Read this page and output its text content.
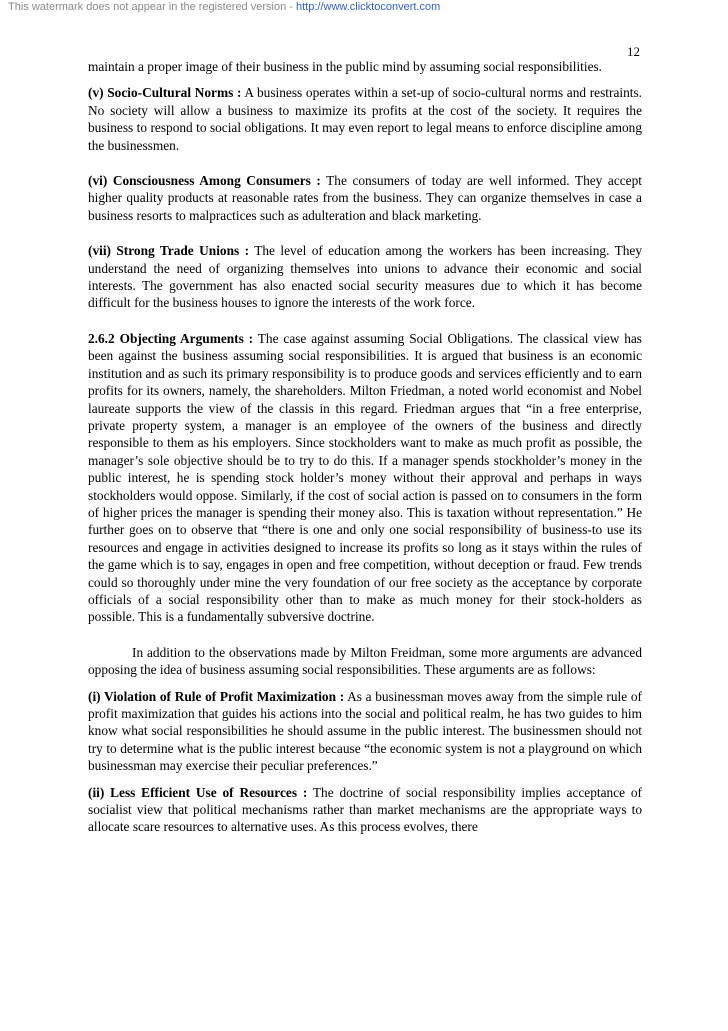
This watermark does not appear in the registered version - http://www.clicktoconvert.com
12

maintain a proper image of their business in the public mind by assuming social responsibilities.

(v) Socio-Cultural Norms : A business operates within a set-up of socio-cultural norms and restraints. No society will allow a business to maximize its profits at the cost of the society. It requires the business to respond to social obligations. It may even report to legal means to enforce discipline among the businessmen.

(vi) Consciousness Among Consumers : The consumers of today are well informed. They accept higher quality products at reasonable rates from the business. They can organize themselves in case a business resorts to malpractices such as adulteration and black marketing.

(vii) Strong Trade Unions : The level of education among the workers has been increasing. They understand the need of organizing themselves into unions to advance their economic and social interests. The government has also enacted social security measures due to which it has become difficult for the business houses to ignore the interests of the work force.

2.6.2 Objecting Arguments : The case against assuming Social Obligations. The classical view has been against the business assuming social responsibilities. It is argued that business is an economic institution and as such its primary responsibility is to produce goods and services efficiently and to earn profits for its owners, namely, the shareholders. Milton Friedman, a noted world economist and Nobel laureate supports the view of the classis in this regard. Friedman argues that “in a free enterprise, private property system, a manager is an employee of the owners of the business and directly responsible to them as his employers. Since stockholders want to make as much profit as possible, the manager’s sole objective should be to try to do this. If a manager spends stockholder’s money in the public interest, he is spending stock holder’s money without their approval and perhaps in ways stockholders would oppose. Similarly, if the cost of social action is passed on to consumers in the form of higher prices the manager is spending their money also. This is taxation without representation.” He further goes on to observe that “there is one and only one social responsibility of business-to use its resources and engage in activities designed to increase its profits so long as it stays within the rules of the game which is to say, engages in open and free competition, without deception or fraud. Few trends could so thoroughly under mine the very foundation of our free society as the acceptance by corporate officials of a social responsibility other than to make as much money for their stock-holders as possible. This is a fundamentally subversive doctrine.

In addition to the observations made by Milton Freidman, some more arguments are advanced opposing the idea of business assuming social responsibilities. These arguments are as follows:

(i) Violation of Rule of Profit Maximization : As a businessman moves away from the simple rule of profit maximization that guides his actions into the social and political realm, he has two guides to him know what social responsibilities he should assume in the public interest. The businessmen should not try to determine what is the public interest because “the economic system is not a playground on which businessman may exercise their peculiar preferences.”

(ii) Less Efficient Use of Resources : The doctrine of social responsibility implies acceptance of socialist view that political mechanisms rather than market mechanisms are the appropriate ways to allocate scare resources to alternative uses. As this process evolves, there
